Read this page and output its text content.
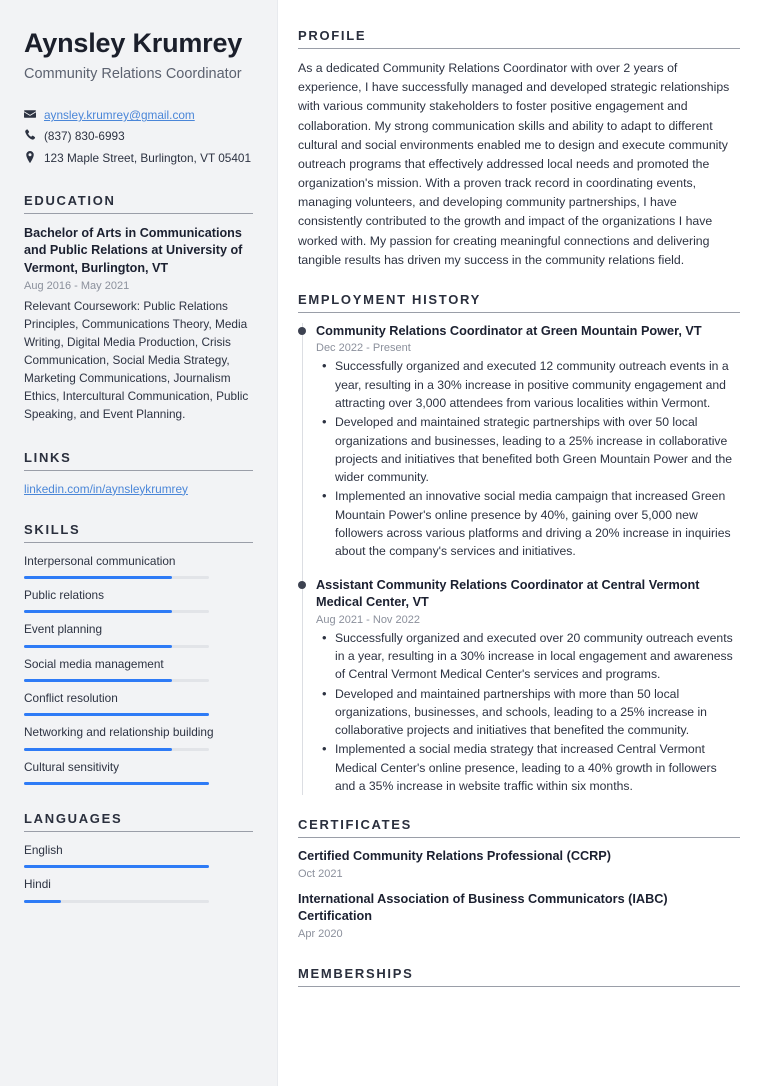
Aynsley Krumrey

Community Relations Coordinator

aynsley.krumrey@gmail.com
(837) 830-6993
123 Maple Street, Burlington, VT 05401
EDUCATION

Bachelor of Arts in Communications and Public Relations at University of Vermont, Burlington, VT

Aug 2016 - May 2021

Relevant Coursework: Public Relations Principles, Communications Theory, Media Writing, Digital Media Production, Crisis Communication, Social Media Strategy, Marketing Communications, Journalism Ethics, Intercultural Communication, Public Speaking, and Event Planning.

LINKS

linkedin.com/in/aynsleykrumrey

SKILLS
Interpersonal communication
Public relations
Event planning
Social media management
Conflict resolution
Networking and relationship building
Cultural sensitivity
LANGUAGES
English
Hindi
PROFILE

As a dedicated Community Relations Coordinator with over 2 years of experience, I have successfully managed and developed strategic relationships with various community stakeholders to foster positive engagement and collaboration. My strong communication skills and ability to adapt to different cultural and social environments enabled me to design and execute community outreach programs that effectively addressed local needs and promoted the organization's mission. With a proven track record in coordinating events, managing volunteers, and developing community partnerships, I have consistently contributed to the growth and impact of the organizations I have worked with. My passion for creating meaningful connections and delivering tangible results has driven my success in the community relations field.

EMPLOYMENT HISTORY

Community Relations Coordinator at Green Mountain Power, VT

Dec 2022 - Present

• Successfully organized and executed 12 community outreach events in a year, resulting in a 30% increase in positive community engagement and attracting over 3,000 attendees from various localities within Vermont.
• Developed and maintained strategic partnerships with over 50 local organizations and businesses, leading to a 25% increase in collaborative projects and initiatives that benefited both Green Mountain Power and the wider community.
• Implemented an innovative social media campaign that increased Green Mountain Power's online presence by 40%, gaining over 5,000 new followers across various platforms and driving a 20% increase in inquiries about the company's services and initiatives.

Assistant Community Relations Coordinator at Central Vermont Medical Center, VT

Aug 2021 - Nov 2022

• Successfully organized and executed over 20 community outreach events in a year, resulting in a 30% increase in local engagement and awareness of Central Vermont Medical Center's services and programs.
• Developed and maintained partnerships with more than 50 local organizations, businesses, and schools, leading to a 25% increase in collaborative projects and initiatives that benefited the community.
• Implemented a social media strategy that increased Central Vermont Medical Center's online presence, leading to a 40% growth in followers and a 35% increase in website traffic within six months.
CERTIFICATES

Certified Community Relations Professional (CCRP)

Oct 2021

International Association of Business Communicators (IABC) Certification

Apr 2020

MEMBERSHIPS
